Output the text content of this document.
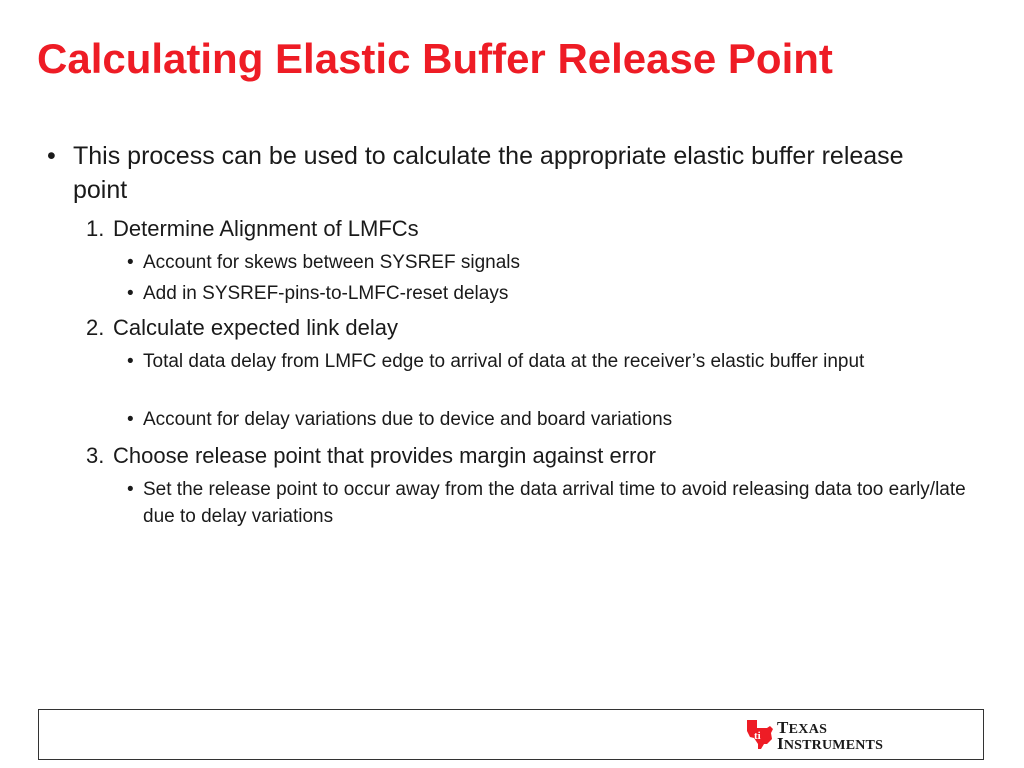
Calculating Elastic Buffer Release Point
• This process can be used to calculate the appropriate elastic buffer release point
1. Determine Alignment of LMFCs
• Account for skews between SYSREF signals
• Add in SYSREF-pins-to-LMFC-reset delays
2. Calculate expected link delay
• Total data delay from LMFC edge to arrival of data at the receiver’s elastic buffer input
• Account for delay variations due to device and board variations
3. Choose release point that provides margin against error
• Set the release point to occur away from the data arrival time to avoid releasing data too early/late due to delay variations
ti TEXAS
INSTRUMENTS
